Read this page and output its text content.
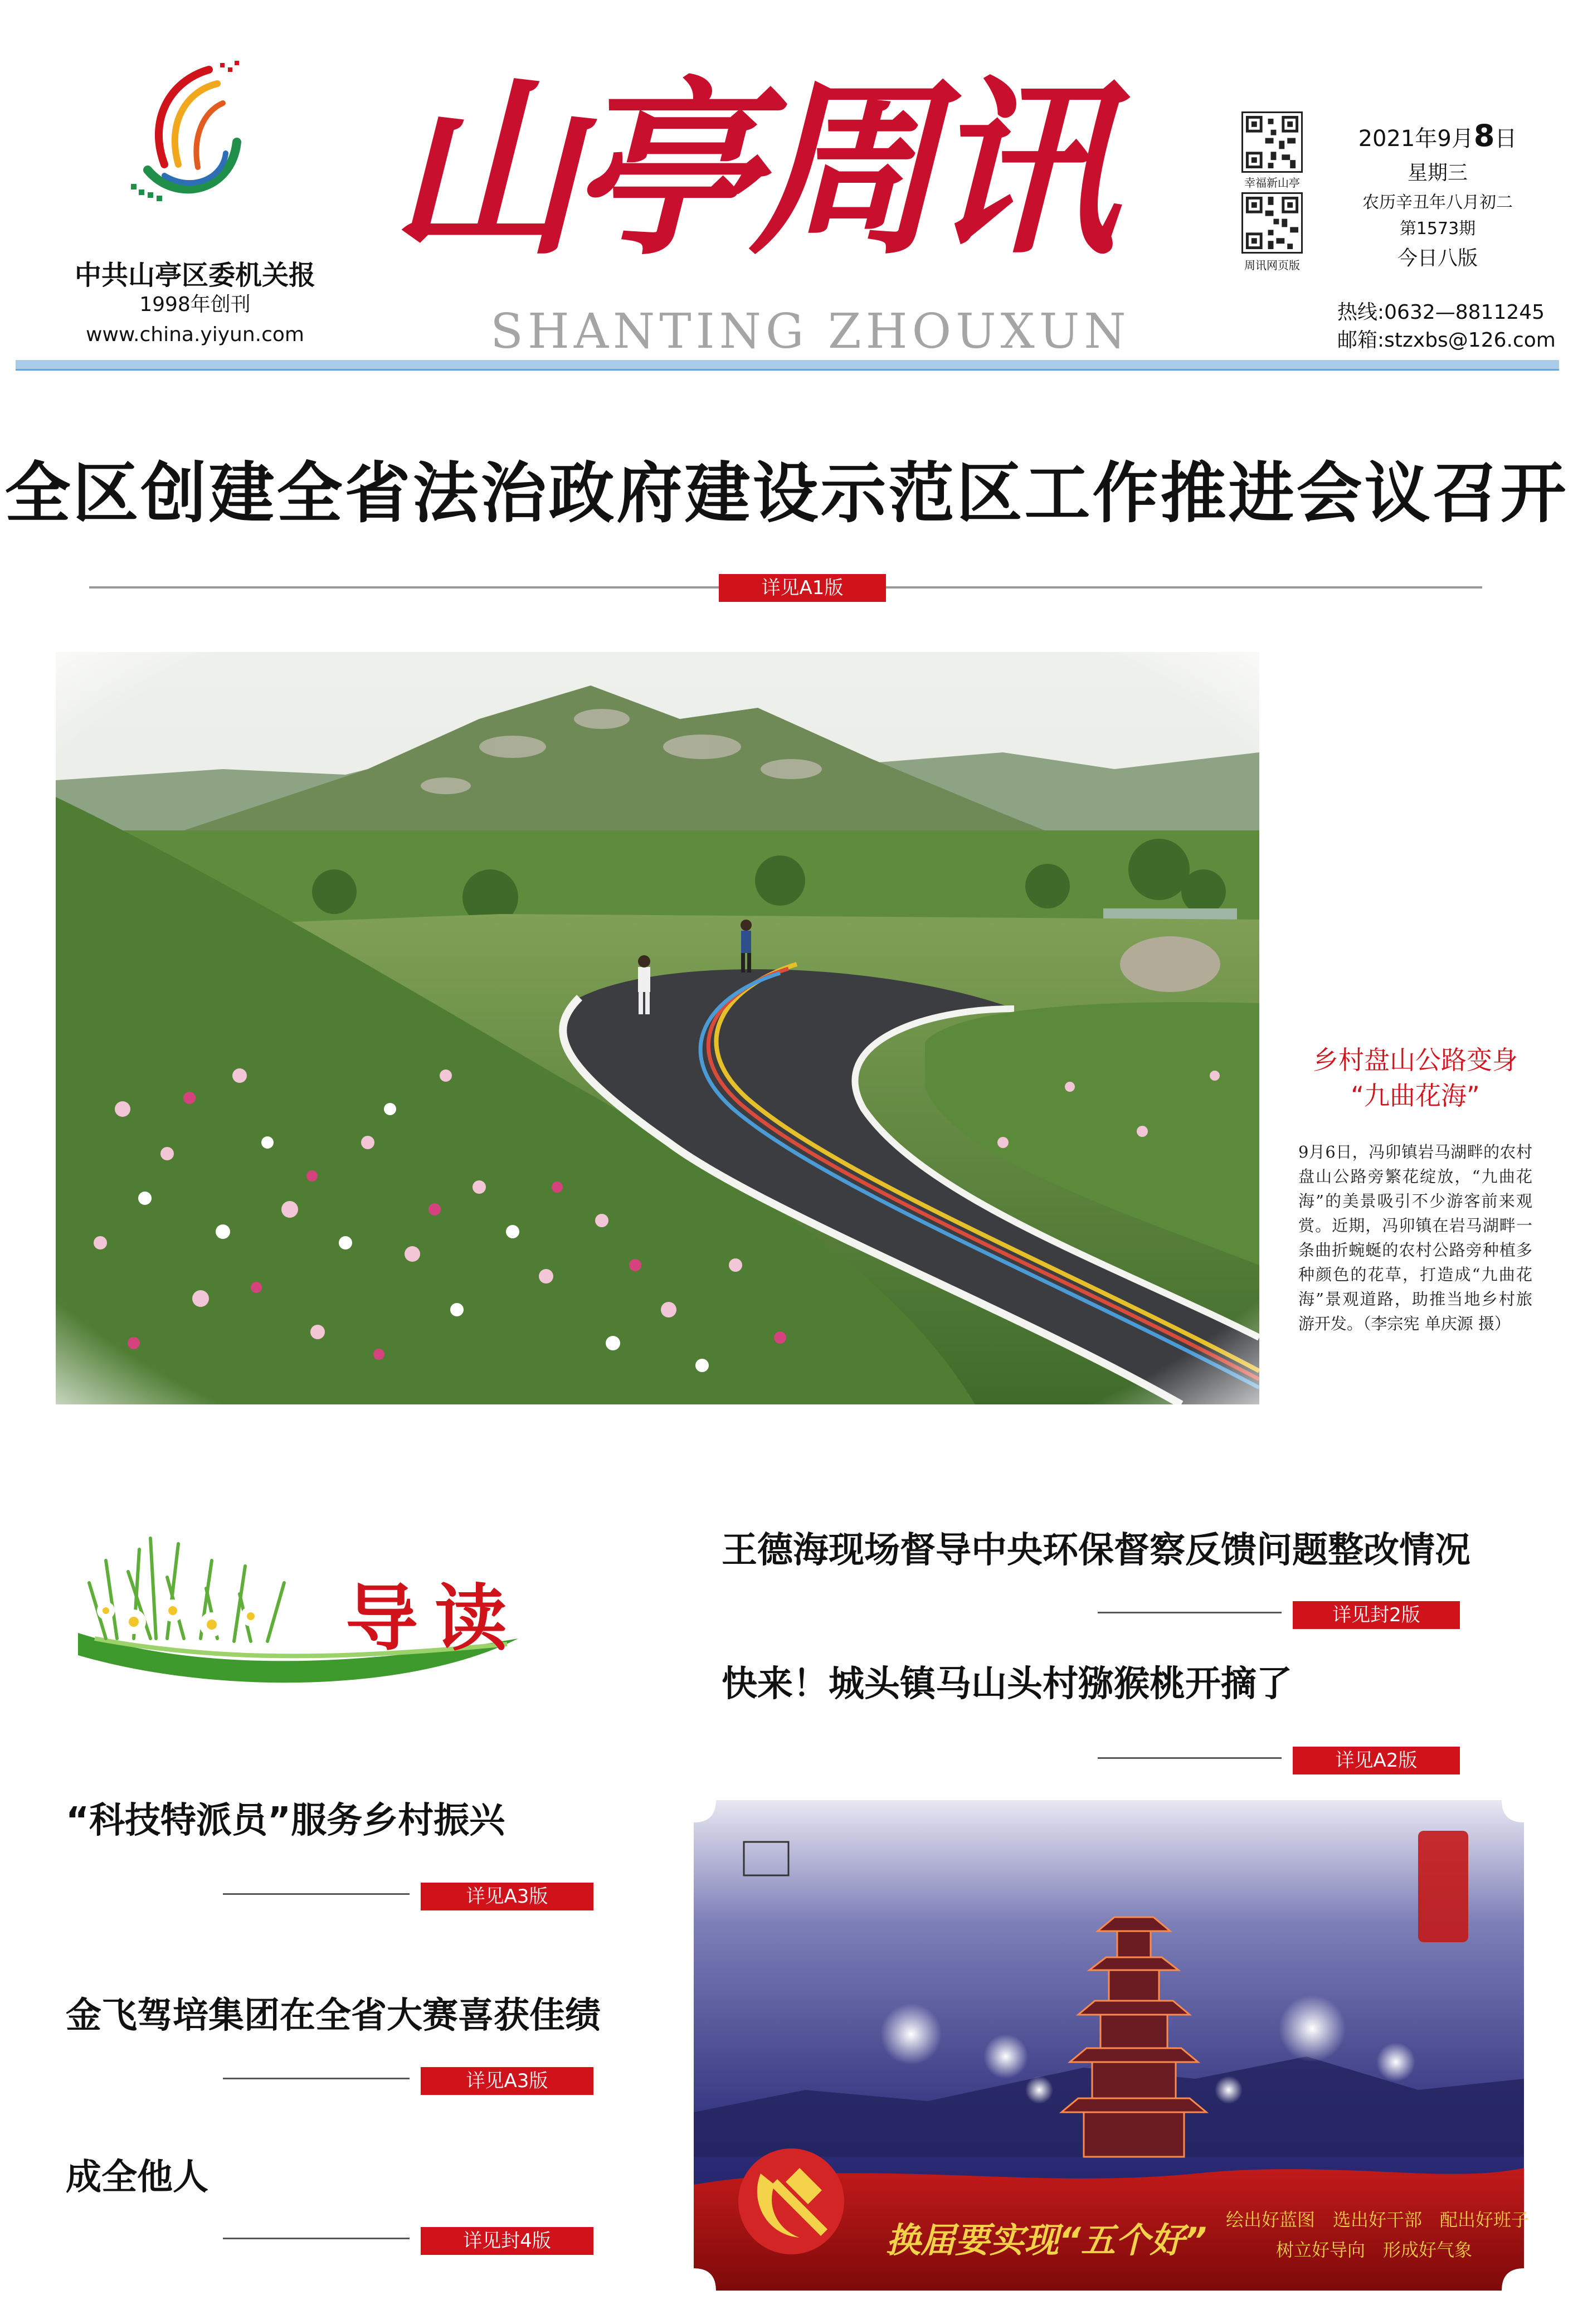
中共山亭区委机关报
1998年创刊
www.china.yiyun.com
山亭周讯
SHANTING ZHOUXUN
幸福新山亭
周讯网页版
2021年9月8日
星期三
农历辛丑年八月初二
第1573期
今日八版
热线:0632—8811245
邮箱:stzxbs@126.com
全区创建全省法治政府建设示范区工作推进会议召开
详见A1版
乡村盘山公路变身
“九曲花海”
9月6日，冯卯镇岩马湖畔的农村盘山公路旁繁花绽放，“九曲花海”的美景吸引不少游客前来观赏。近期，冯卯镇在岩马湖畔一条曲折蜿蜒的农村公路旁种植多种颜色的花草，打造成“九曲花海”景观道路，助推当地乡村旅游开发。（李宗宪 单庆源 摄）
导读
王德海现场督导中央环保督察反馈问题整改情况
详见封2版
快来！城头镇马山头村猕猴桃开摘了
详见A2版
“科技特派员”服务乡村振兴
详见A3版
金飞驾培集团在全省大赛喜获佳绩
详见A3版
成全他人
详见封4版	换届要实现“五个好” 绘出好蓝图　选出好干部　配出好班子
树立好导向　形成好气象
